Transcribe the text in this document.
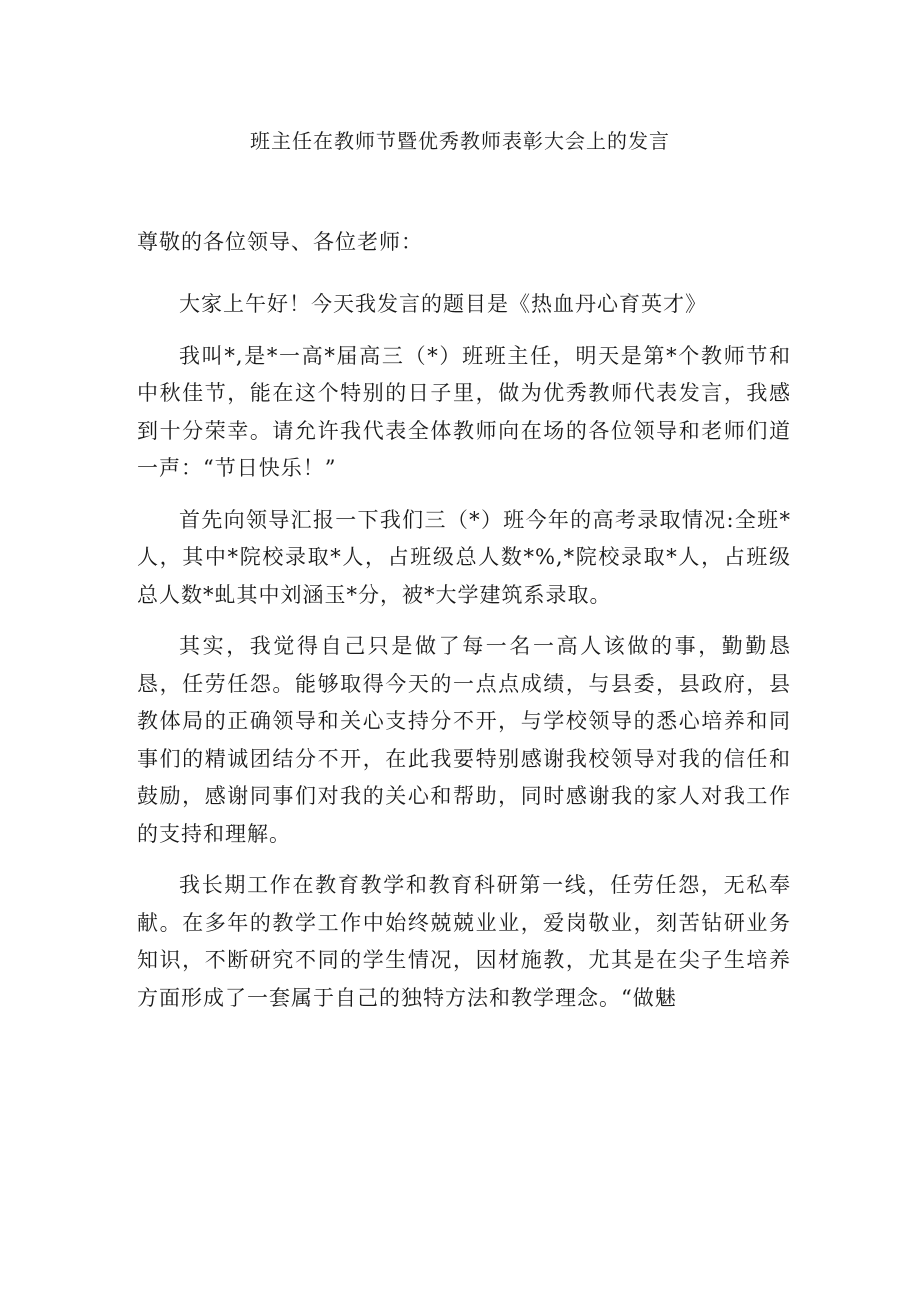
班主任在教师节暨优秀教师表彰大会上的发言
尊敬的各位领导、各位老师：

大家上午好！今天我发言的题目是《热血丹心育英才》

我叫*,是*一高*届高三（*）班班主任，明天是第*个教师节和中秋佳节，能在这个特别的日子里，做为优秀教师代表发言，我感到十分荣幸。请允许我代表全体教师向在场的各位领导和老师们道一声：“节日快乐！”

首先向领导汇报一下我们三（*）班今年的高考录取情况:全班*人，其中*院校录取*人，占班级总人数*%,*院校录取*人，占班级总人数*虬其中刘涵玉*分，被*大学建筑系录取。

其实，我觉得自己只是做了每一名一高人该做的事，勤勤恳恳，任劳任怨。能够取得今天的一点点成绩，与县委，县政府，县教体局的正确领导和关心支持分不开，与学校领导的悉心培养和同事们的精诚团结分不开，在此我要特别感谢我校领导对我的信任和鼓励，感谢同事们对我的关心和帮助，同时感谢我的家人对我工作的支持和理解。

我长期工作在教育教学和教育科研第一线，任劳任怨，无私奉献。在多年的教学工作中始终兢兢业业，爱岗敬业，刻苦钻研业务知识，不断研究不同的学生情况，因材施教，尤其是在尖子生培养方面形成了一套属于自己的独特方法和教学理念。“做魅
